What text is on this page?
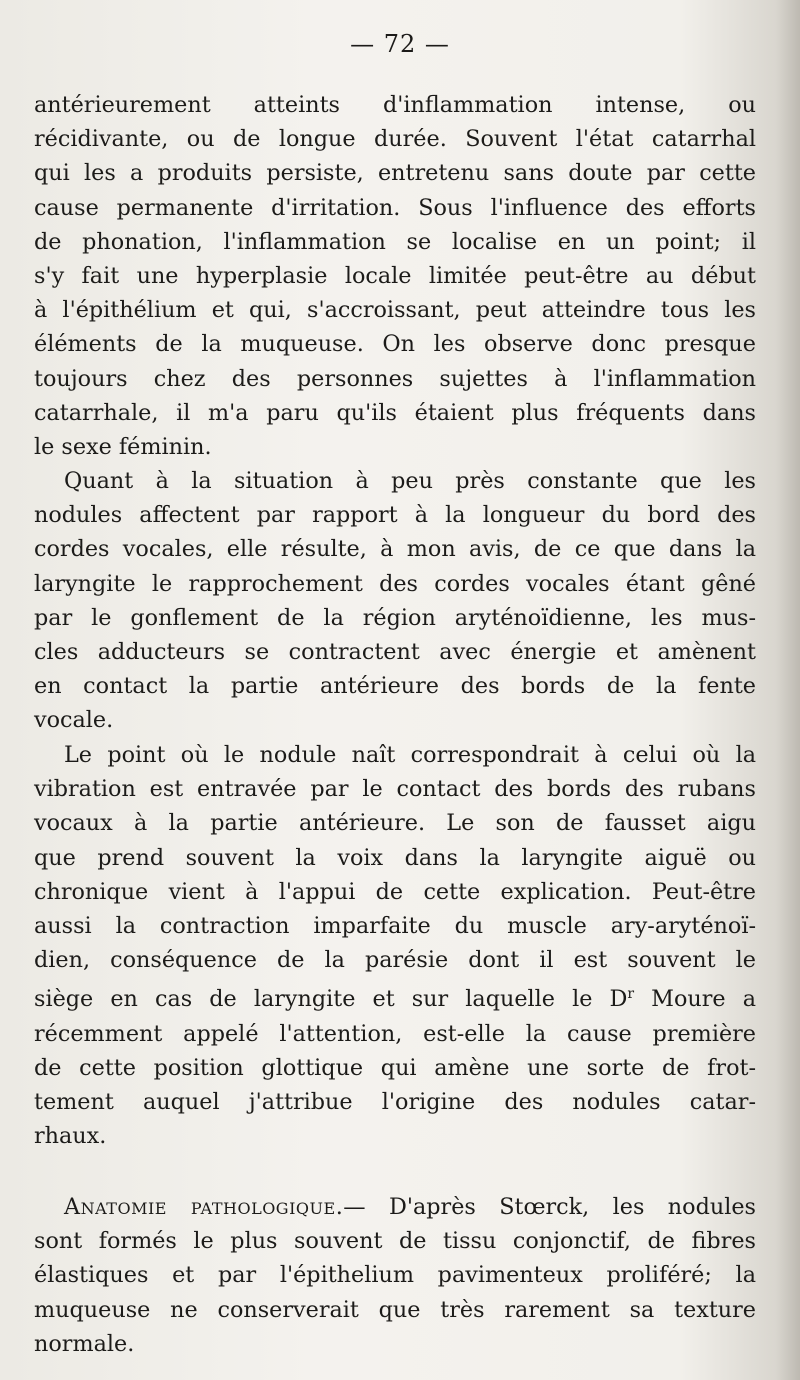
— 72 —
antérieurement atteints d'inflammation intense, ou
récidivante, ou de longue durée. Souvent l'état catarrhal
qui les a produits persiste, entretenu sans doute par cette
cause permanente d'irritation. Sous l'influence des efforts
de phonation, l'inflammation se localise en un point; il
s'y fait une hyperplasie locale limitée peut-être au début
à l'épithélium et qui, s'accroissant, peut atteindre tous les
éléments de la muqueuse. On les observe donc presque
toujours chez des personnes sujettes à l'inflammation
catarrhale, il m'a paru qu'ils étaient plus fréquents dans
le sexe féminin.
Quant à la situation à peu près constante que les
nodules affectent par rapport à la longueur du bord des
cordes vocales, elle résulte, à mon avis, de ce que dans la
laryngite le rapprochement des cordes vocales étant gêné
par le gonflement de la région aryténoïdienne, les mus-
cles adducteurs se contractent avec énergie et amènent
en contact la partie antérieure des bords de la fente
vocale.
Le point où le nodule naît correspondrait à celui où la
vibration est entravée par le contact des bords des rubans
vocaux à la partie antérieure. Le son de fausset aigu
que prend souvent la voix dans la laryngite aiguë ou
chronique vient à l'appui de cette explication. Peut-être
aussi la contraction imparfaite du muscle ary-aryténoï-
dien, conséquence de la parésie dont il est souvent le
siège en cas de laryngite et sur laquelle le $D^r$ Moure a
récemment appelé l'attention, est-elle la cause première
de cette position glottique qui amène une sorte de frot-
tement auquel j'attribue l'origine des nodules catar-
rhaux.
Anatomie pathologique.— D'après Stœrck, les nodules
sont formés le plus souvent de tissu conjonctif, de fibres
élastiques et par l'épithelium pavimenteux proliféré; la
muqueuse ne conserverait que très rarement sa texture
normale.
